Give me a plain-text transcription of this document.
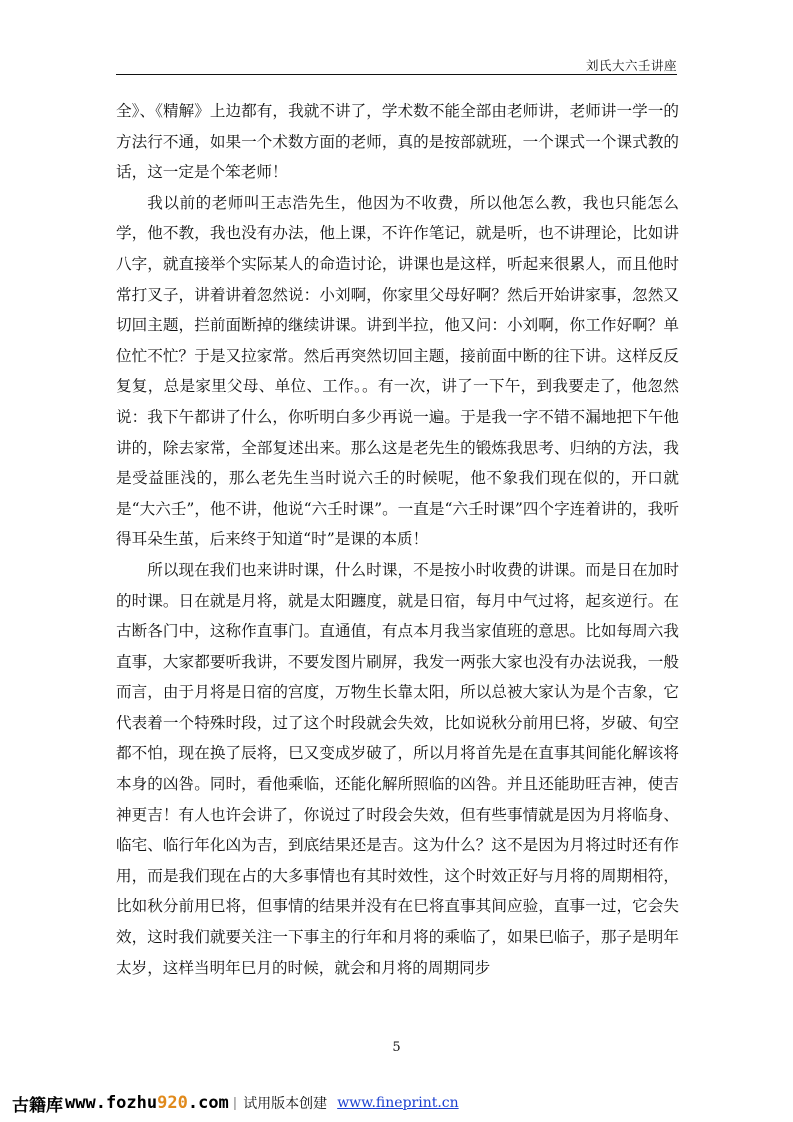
刘氏大六壬讲座

全》、《精解》上边都有，我就不讲了，学术数不能全部由老师讲，老师讲一学一的方法行不通，如果一个术数方面的老师，真的是按部就班，一个课式一个课式教的话，这一定是个笨老师！

我以前的老师叫王志浩先生，他因为不收费，所以他怎么教，我也只能怎么学，他不教，我也没有办法，他上课，不许作笔记，就是听，也不讲理论，比如讲八字，就直接举个实际某人的命造讨论，讲课也是这样，听起来很累人，而且他时常打叉子，讲着讲着忽然说：小刘啊，你家里父母好啊？然后开始讲家事，忽然又切回主题，拦前面断掉的继续讲课。讲到半拉，他又问：小刘啊，你工作好啊？单位忙不忙？于是又拉家常。然后再突然切回主题，接前面中断的往下讲。这样反反复复，总是家里父母、单位、工作。。有一次，讲了一下午，到我要走了，他忽然说：我下午都讲了什么，你听明白多少再说一遍。于是我一字不错不漏地把下午他讲的，除去家常，全部复述出来。那么这是老先生的锻炼我思考、归纳的方法，我是受益匪浅的，那么老先生当时说六壬的时候呢，他不象我们现在似的，开口就是“大六壬”，他不讲，他说“六壬时课”。一直是“六壬时课”四个字连着讲的，我听得耳朵生茧，后来终于知道“时”是课的本质！

所以现在我们也来讲时课，什么时课，不是按小时收费的讲课。而是日在加时的时课。日在就是月将，就是太阳躔度，就是日宿，每月中气过将，起亥逆行。在古断各门中，这称作直事门。直通值，有点本月我当家值班的意思。比如每周六我直事，大家都要听我讲，不要发图片刷屏，我发一两张大家也没有办法说我，一般而言，由于月将是日宿的宫度，万物生长靠太阳，所以总被大家认为是个吉象，它代表着一个特殊时段，过了这个时段就会失效，比如说秋分前用巳将，岁破、旬空都不怕，现在换了辰将，巳又变成岁破了，所以月将首先是在直事其间能化解该将本身的凶咎。同时，看他乘临，还能化解所照临的凶咎。并且还能助旺吉神，使吉神更吉！有人也许会讲了，你说过了时段会失效，但有些事情就是因为月将临身、临宅、临行年化凶为吉，到底结果还是吉。这为什么？这不是因为月将过时还有作用，而是我们现在占的大多事情也有其时效性，这个时效正好与月将的周期相符，比如秋分前用巳将，但事情的结果并没有在巳将直事其间应验，直事一过，它会失效，这时我们就要关注一下事主的行年和月将的乘临了，如果巳临子，那子是明年太岁，这样当明年巳月的时候，就会和月将的周期同步

5
古籍库 www.fozhu920.com | 试用版本创建 www.fineprint.cn
